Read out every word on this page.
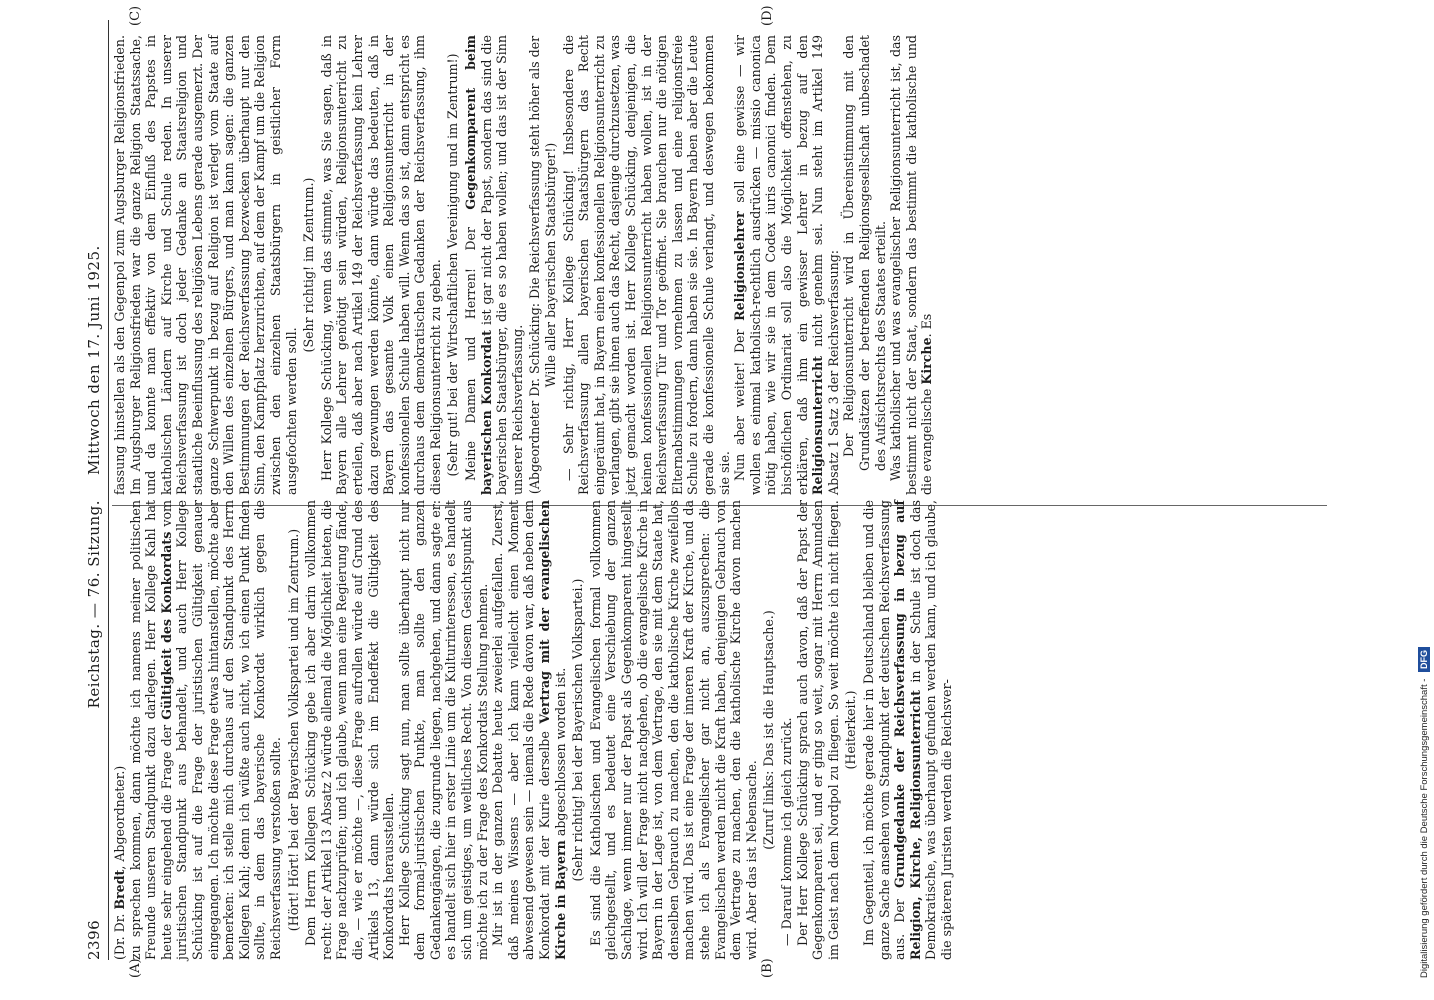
Digitalisierung gefördert durch die Deutsche Forschungsgemeinschaft - DFG
2396
Reichstag. — 76. Sitzung.
Mittwoch den 17. Juni 1925.
(A)	(B)
(C)	(D)

(Dr. Dr. Bredt, Abgeordneter.) zu sprechen kommen, dann möchte ich namens meiner politischen Freunde unseren Standpunkt dazu darlegen. Herr Kollege Kahl hat heute sehr eingehend die Frage der Gültigkeit des Konkordats vom juristischen Standpunkt aus behandelt, und auch Herr Kollege Schücking ist auf die Frage der juristischen Gültigkeit genauer eingegangen. Ich möchte diese Frage etwas hintanstellen, möchte aber bemerken: ich stelle mich durchaus auf den Standpunkt des Herrn Kollegen Kahl; denn ich wüßte auch nicht, wo ich einen Punkt finden sollte, in dem das bayerische Konkordat wirklich gegen die Reichsverfassung verstoßen sollte. (Hört! Hört! bei der Bayerischen Volkspartei und im Zentrum.) Dem Herrn Kollegen Schücking gebe ich aber darin vollkommen recht: der Artikel 13 Absatz 2 würde allemal die Möglichkeit bieten, die Frage nachzuprüfen; und ich glaube, wenn man eine Regierung fände, die, — wie er möchte —, diese Frage aufrollen würde auf Grund des Artikels 13, dann würde sich im Endeffekt die Gültigkeit des Konkordats herausstellen. Herr Kollege Schücking sagt nun, man sollte überhaupt nicht nur dem formal-juristischen Punkte, man sollte den ganzen Gedankengängen, die zugrunde liegen, nachgehen, und dann sagte er: es handelt sich hier in erster Linie um die Kulturinteressen, es handelt sich um geistiges, um weltliches Recht. Von diesem Gesichtspunkt aus möchte ich zu der Frage des Konkordats Stellung nehmen. Mir ist in der ganzen Debatte heute zweierlei aufgefallen. Zuerst, daß meines Wissens — aber ich kann vielleicht einen Moment abwesend gewesen sein — niemals die Rede davon war, daß neben dem Konkordat mit der Kurie derselbe Vertrag mit der evangelischen Kirche in Bayern abgeschlossen worden ist. (Sehr richtig! bei der Bayerischen Volkspartei.) Es sind die Katholischen und Evangelischen formal vollkommen gleichgestellt, und es bedeutet eine Verschiebung der ganzen Sachlage, wenn immer nur der Papst als Gegenkomparent hingestellt wird. Ich will der Frage nicht nachgehen, ob die evangelische Kirche in Bayern in der Lage ist, von dem Vertrage, den sie mit dem Staate hat, denselben Gebrauch zu machen, den die katholische Kirche zweifellos machen wird. Das ist eine Frage der inneren Kraft der Kirche, und da stehe ich als Evangelischer gar nicht an, auszusprechen: die Evangelischen werden nicht die Kraft haben, denjenigen Gebrauch von dem Vertrage zu machen, den die katholische Kirche davon machen wird. Aber das ist Nebensache.

(Zuruf links: Das ist die Hauptsache.) — Darauf komme ich gleich zurück. Der Herr Kollege Schücking sprach auch davon, daß der Papst der Gegenkomparent sei, und er ging so weit, sogar mit Herrn Amundsen im Geist nach dem Nordpol zu fliegen. So weit möchte ich nicht fliegen. (Heiterkeit.) Im Gegenteil, ich möchte gerade hier in Deutschland bleiben und die ganze Sache ansehen vom Standpunkt der deutschen Reichsverfassung aus. Der Grundgedanke der Reichsverfassung in bezug auf Religion, Kirche, Religionsunterricht in der Schule ist doch das Demokratische, was überhaupt gefunden werden kann, und ich glaube, die späteren Juristen werden die Reichsver-

fassung hinstellen als den Gegenpol zum Augsburger Religionsfrieden. Im Augsburger Religionsfrieden war die ganze Religion Staatssache, und da konnte man effektiv von dem Einfluß des Papstes in katholischen Ländern auf Kirche und Schule reden. In unserer Reichsverfassung ist doch jeder Gedanke an Staatsreligion und staatliche Beeinflussung des religiösen Lebens gerade ausgemerzt. Der ganze Schwerpunkt in bezug auf Religion ist verlegt vom Staate auf den Willen des einzelnen Bürgers, und man kann sagen: die ganzen Bestimmungen der Reichsverfassung bezwecken überhaupt nur den Sinn, den Kampfplatz herzurichten, auf dem der Kampf um die Religion zwischen den einzelnen Staatsbürgern in geistlicher Form ausgefochten werden soll.

(Sehr richtig! im Zentrum.) Herr Kollege Schücking, wenn das stimmte, was Sie sagen, daß in Bayern alle Lehrer genötigt sein würden, Religionsunterricht zu erteilen, daß aber nach Artikel 149 der Reichsverfassung kein Lehrer dazu gezwungen werden könnte, dann würde das bedeuten, daß in Bayern das gesamte Volk einen Religionsunterricht in der konfessionellen Schule haben will. Wenn das so ist, dann entspricht es durchaus dem demokratischen Gedanken der Reichsverfassung, ihm diesen Religionsunterricht zu geben. (Sehr gut! bei der Wirtschaftlichen Vereinigung und im Zentrum!) Meine Damen und Herren! Der Gegenkomparent beim bayerischen Konkordat ist gar nicht der Papst, sondern das sind die bayerischen Staatsbürger, die es so haben wollen; und das ist der Sinn unserer Reichsverfassung. (Abgeordneter Dr. Schücking: Die Reichsverfassung steht höher als der Wille aller bayerischen Staatsbürger!) — Sehr richtig, Herr Kollege Schücking! Insbesondere die Reichsverfassung allen bayerischen Staatsbürgern das Recht eingeräumt hat, in Bayern einen konfessionellen Religionsunterricht zu verlangen, gibt sie ihnen auch das Recht, dasjenige durchzusetzen, was jetzt gemacht worden ist. Herr Kollege Schücking, denjenigen, die keinen konfessionellen Religionsunterricht haben wollen, ist in der Reichsverfassung Tür und Tor geöffnet. Sie brauchen nur die nötigen Elternabstimmungen vornehmen zu lassen und eine religionsfreie Schule zu fordern, dann haben sie sie. In Bayern haben aber die Leute gerade die konfessionelle Schule verlangt, und deswegen bekommen sie sie. Nun aber weiter! Der Religionslehrer soll eine gewisse — wir wollen es einmal katholisch-rechtlich ausdrücken — missio canonica nötig haben, wie wir sie in dem Codex iuris canonici finden. Dem bischöflichen Ordinariat soll also die Möglichkeit offenstehen, zu erklären, daß ihm ein gewisser Lehrer in bezug auf den Religionsunterricht nicht genehm sei. Nun steht im Artikel 149 Absatz 1 Satz 3 der Reichsverfassung: Der Religionsunterricht wird in Übereinstimmung mit den Grundsätzen der betreffenden Religionsgesellschaft unbeschadet des Aufsichtsrechts des Staates erteilt. Was katholischer und was evangelischer Religionsunterricht ist, das bestimmt nicht der Staat, sondern das bestimmt die katholische und die evangelische Kirche. Es
